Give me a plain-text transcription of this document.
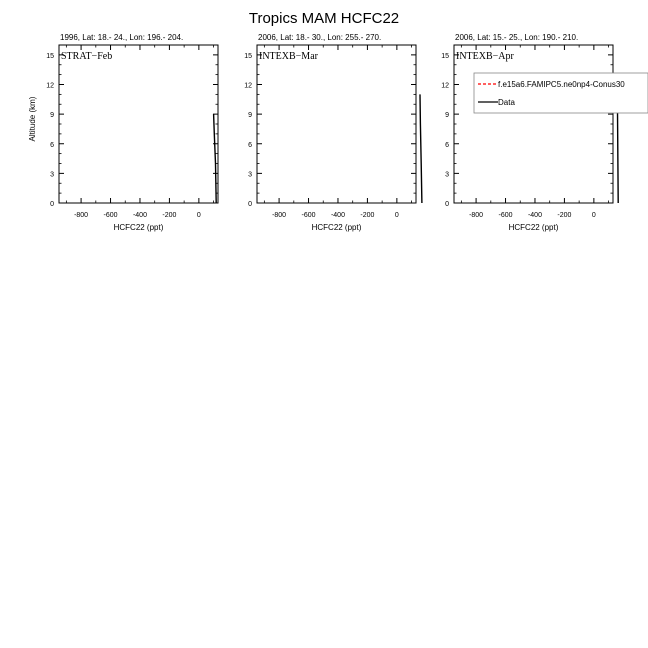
Tropics MAM HCFC22
1996, Lat: 18.- 24., Lon: 196.- 204.
STRAT−Feb
0
3
6
9
12
15
-800 -600 -400 -200	0
HCFC22 (ppt)
Altitude (km)
2006, Lat: 18.- 30., Lon: 255.- 270.
INTEXB−Mar
0
3
6
9
12
15
-800 -600 -400 -200	0
HCFC22 (ppt)
2006, Lat: 15.- 25., Lon: 190.- 210.
INTEXB−Apr
0
3
6
9
12
15
-800 -600 -400 -200	0
HCFC22 (ppt)
f.e15a6.FAMIPC5.ne0np4-Conus30
Data
